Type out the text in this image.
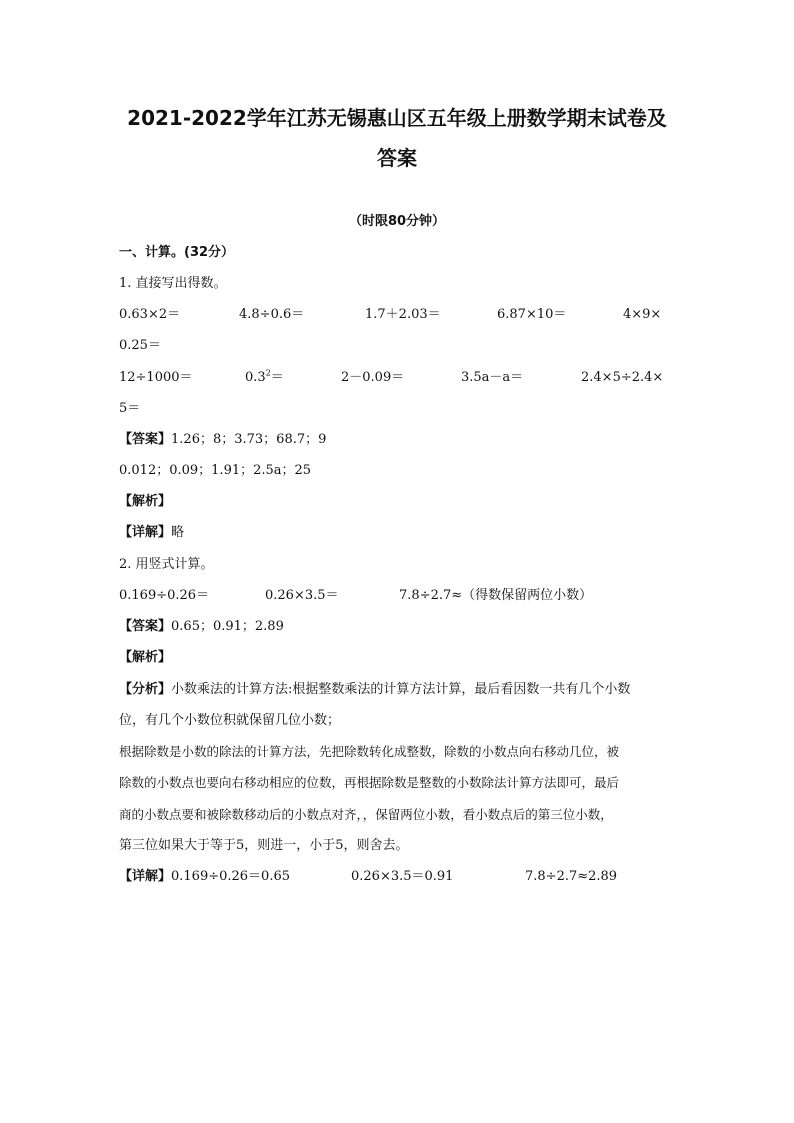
2021-2022学年江苏无锡惠山区五年级上册数学期末试卷及
答案
（时限80分钟）
一、计算。(32分）
1. 直接写出得数。
0.63×2＝	4.8÷0.6＝	1.7＋2.03＝	6.87×10＝	4×9×
0.25＝
12÷1000＝	$0.3^2=$	2－0.09＝	3.5a－a＝	2.4×5÷2.4×
5＝
【答案】1.26；8；3.73；68.7；9
0.012；0.09；1.91；2.5a；25
【解析】
【详解】略
2. 用竖式计算。
0.169÷0.26＝	0.26×3.5＝	7.8÷2.7≈（得数保留两位小数）
【答案】0.65；0.91；2.89
【解析】
【分析】小数乘法的计算方法:根据整数乘法的计算方法计算，最后看因数一共有几个小数
位，有几个小数位积就保留几位小数；
根据除数是小数的除法的计算方法，先把除数转化成整数，除数的小数点向右移动几位，被
除数的小数点也要向右移动相应的位数，再根据除数是整数的小数除法计算方法即可，最后
商的小数点要和被除数移动后的小数点对齐，，保留两位小数，看小数点后的第三位小数，
第三位如果大于等于5，则进一，小于5，则舍去。
【详解】 0.169÷0.26＝0.65	0.26×3.5＝0.91	7.8÷2.7≈2.89
